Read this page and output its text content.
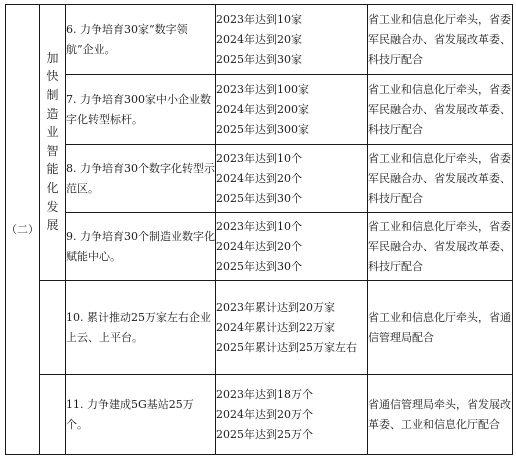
（二）	加快制造业智能化发展	6. 力争培育30家“数字领航”企业。	2023年达到10家
2024年达到20家
2025年达到30家	省工业和信息化厅牵头，省委军民融合办、省发展改革委、科技厅配合

		7. 力争培育300家中小企业数字化转型标杆。	2023年达到100家
2024年达到200家
2025年达到300家	省工业和信息化厅牵头，省委军民融合办、省发展改革委、科技厅配合

		8. 力争培育30个数字化转型示范区。	2023年达到10个
2024年达到20个
2025年达到30个	省工业和信息化厅牵头，省委军民融合办、省发展改革委、科技厅配合

		9. 力争培育30个制造业数字化赋能中心。	2023年达到10个
2024年达到20个
2025年达到30个	省工业和信息化厅牵头，省委军民融合办、省发展改革委、科技厅配合

		10. 累计推动25万家左右企业上云、上平台。	2023年累计达到20万家
2024年累计达到22万家
2025年累计达到25万家左右	省工业和信息化厅牵头，省通信管理局配合

		11. 力争建成5G基站25万个。	2023年达到18万个
2024年达到20万个
2025年达到25万个	省通信管理局牵头，省发展改革委、工业和信息化厅配合
